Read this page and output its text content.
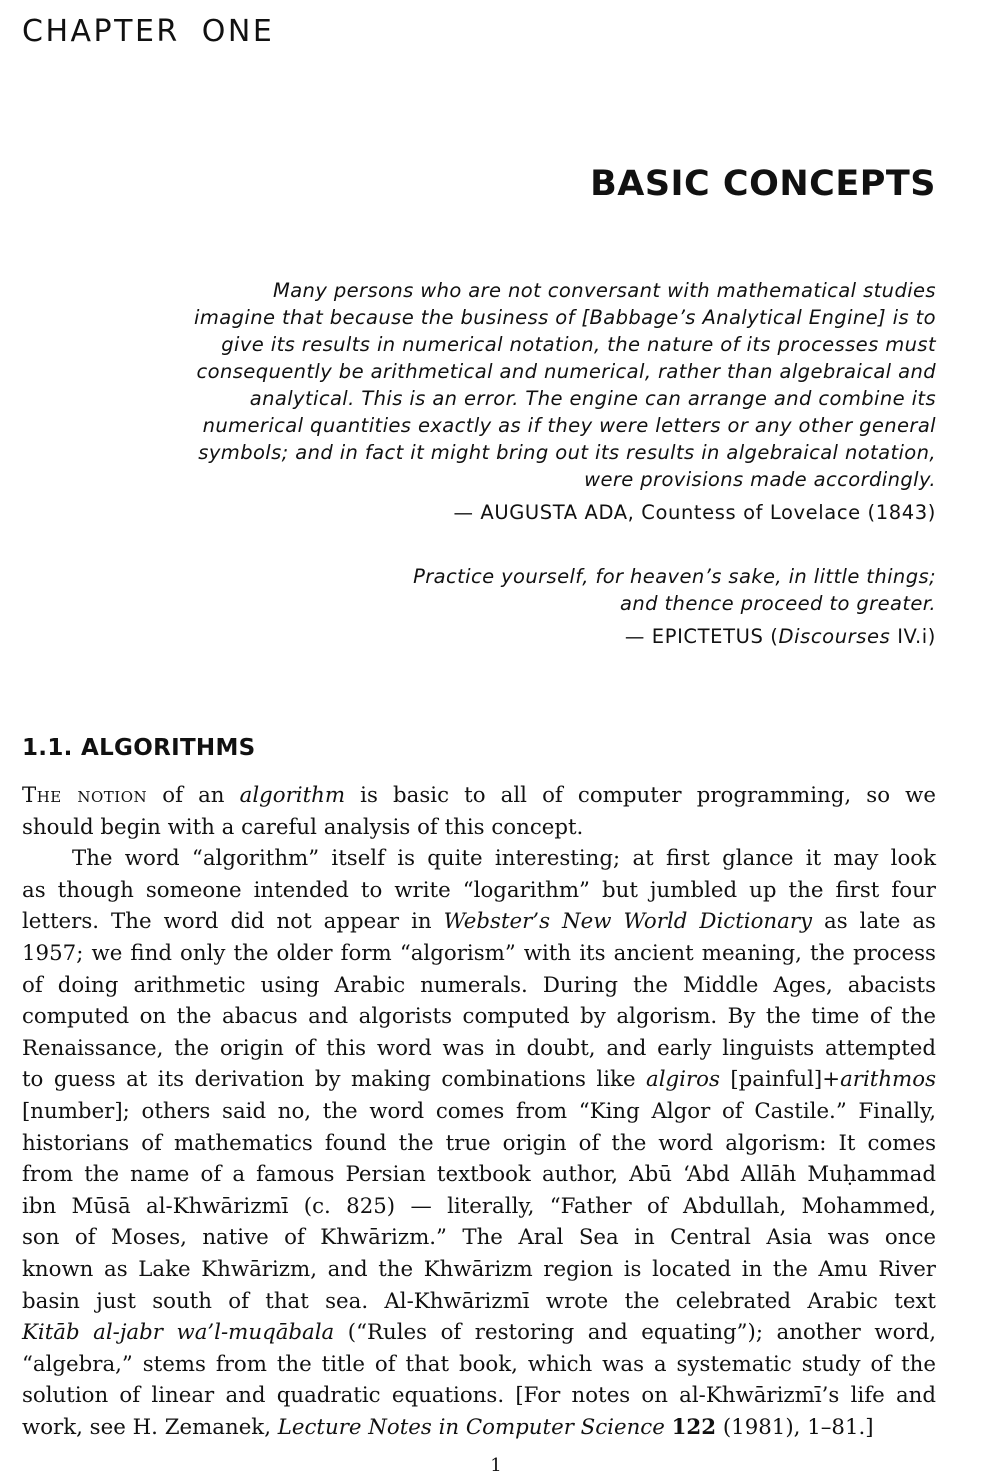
CHAPTER ONE
BASIC CONCEPTS
Many persons who are not conversant with mathematical studies
imagine that because the business of [Babbage’s Analytical Engine] is to
give its results in numerical notation, the nature of its processes must
consequently be arithmetical and numerical, rather than algebraical and
analytical. This is an error. The engine can arrange and combine its
numerical quantities exactly as if they were letters or any other general
symbols; and in fact it might bring out its results in algebraical notation,
were provisions made accordingly.
— AUGUSTA ADA, Countess of Lovelace (1843)
Practice yourself, for heaven’s sake, in little things;
and thence proceed to greater.
— EPICTETUS (Discourses IV.i)
1.1. ALGORITHMS
The notion of an algorithm is basic to all of computer programming, so we
should begin with a careful analysis of this concept.
The word “algorithm” itself is quite interesting; at first glance it may look
as though someone intended to write “logarithm” but jumbled up the first four
letters. The word did not appear in Webster’s New World Dictionary as late as
1957; we find only the older form “algorism” with its ancient meaning, the process
of doing arithmetic using Arabic numerals. During the Middle Ages, abacists
computed on the abacus and algorists computed by algorism. By the time of the
Renaissance, the origin of this word was in doubt, and early linguists attempted
to guess at its derivation by making combinations like algiros [painful]+arithmos
[number]; others said no, the word comes from “King Algor of Castile.” Finally,
historians of mathematics found the true origin of the word algorism: It comes
from the name of a famous Persian textbook author, Abū ‘Abd Allāh Muḥammad
ibn Mūsā al-Khwārizmī (c. 825) — literally, “Father of Abdullah, Mohammed,
son of Moses, native of Khwārizm.” The Aral Sea in Central Asia was once
known as Lake Khwārizm, and the Khwārizm region is located in the Amu River
basin just south of that sea. Al-Khwārizmī wrote the celebrated Arabic text
Kitāb al-jabr wa’l-muqābala (“Rules of restoring and equating”); another word,
“algebra,” stems from the title of that book, which was a systematic study of the
solution of linear and quadratic equations. [For notes on al-Khwārizmī’s life and
work, see H. Zemanek, Lecture Notes in Computer Science 122 (1981), 1–81.]
1
